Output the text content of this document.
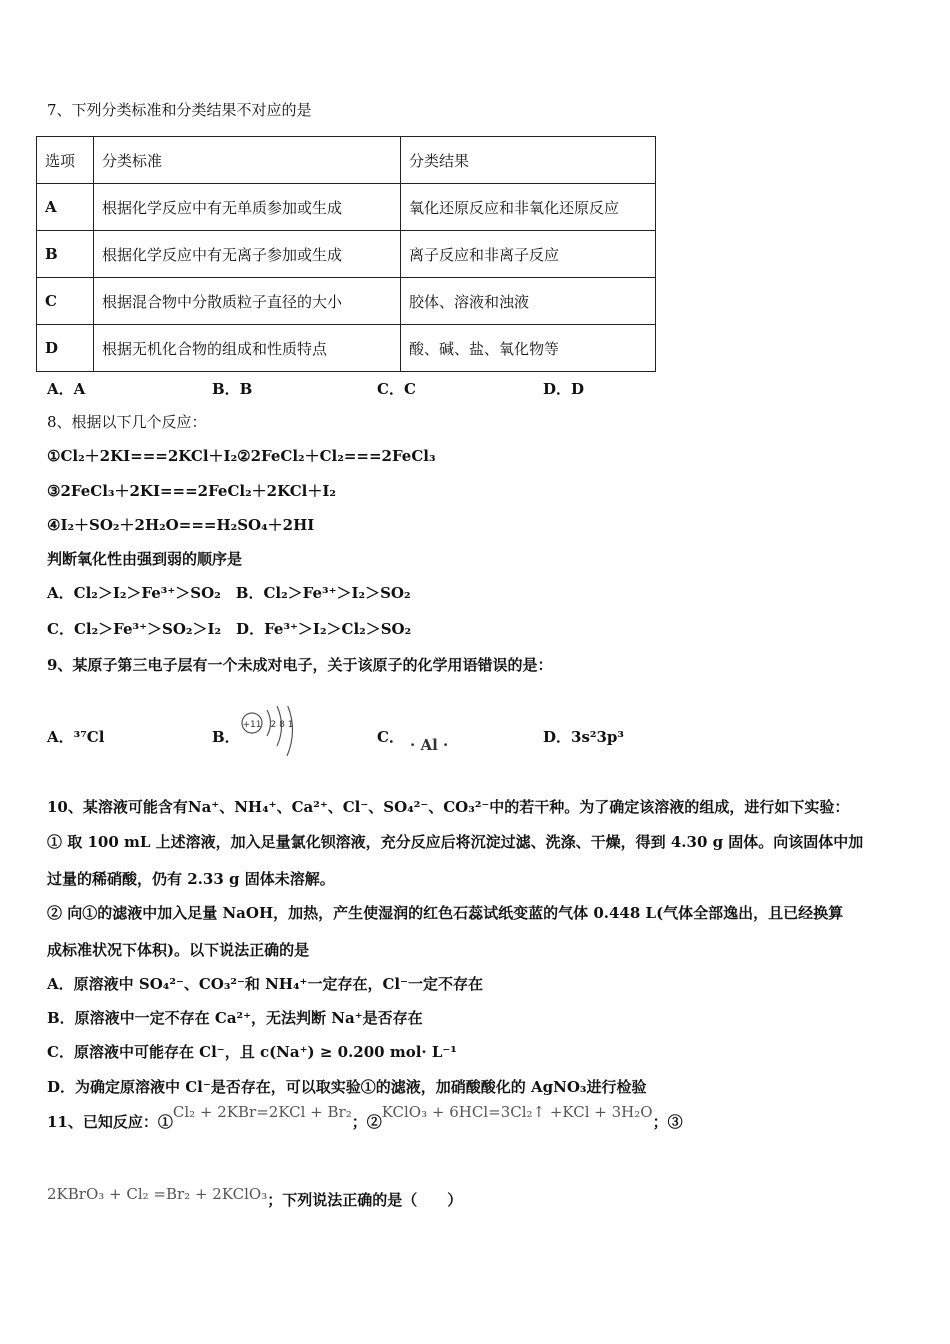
7、下列分类标准和分类结果不对应的是
选项	分类标准	分类结果
A	根据化学反应中有无单质参加或生成	氧化还原反应和非氧化还原反应
B	根据化学反应中有无离子参加或生成	离子反应和非离子反应
C	根据混合物中分散质粒子直径的大小	胶体、溶液和浊液
D	根据无机化合物的组成和性质特点	酸、碱、盐、氧化物等
A．A	B．B	C．C	D．D
8、根据以下几个反应：
①Cl₂＋2KI===2KCl＋I₂②2FeCl₂＋Cl₂===2FeCl₃
③2FeCl₃＋2KI===2FeCl₂＋2KCl＋I₂
④I₂＋SO₂＋2H₂O===H₂SO₄＋2HI
判断氧化性由强到弱的顺序是
A．Cl₂＞I₂＞Fe³⁺＞SO₂　B．Cl₂＞Fe³⁺＞I₂＞SO₂
C．Cl₂＞Fe³⁺＞SO₂＞I₂　D．Fe³⁺＞I₂＞Cl₂＞SO₂
9、某原子第三电子层有一个未成对电子，关于该原子的化学用语错误的是：
A．³⁷Cl	B．
+11 2 8 1
C． · Al ·	D．3s²3p³
10、某溶液可能含有Na⁺、NH₄⁺、Ca²⁺、Cl⁻、SO₄²⁻、CO₃²⁻中的若干种。为了确定该溶液的组成，进行如下实验：
① 取 100 mL 上述溶液，加入足量氯化钡溶液，充分反应后将沉淀过滤、洗涤、干燥，得到 4.30 g 固体。向该固体中加
过量的稀硝酸，仍有 2.33 g 固体未溶解。
② 向①的滤液中加入足量 NaOH，加热，产生使湿润的红色石蕊试纸变蓝的气体 0.448 L(气体全部逸出，且已经换算
成标准状况下体积)。以下说法正确的是
A．原溶液中 SO₄²⁻、CO₃²⁻和 NH₄⁺一定存在，Cl⁻一定不存在
B．原溶液中一定不存在 Ca²⁺，无法判断 Na⁺是否存在
C．原溶液中可能存在 Cl⁻，且 c(Na⁺) ≥ 0.200 mol· L⁻¹
D．为确定原溶液中 Cl⁻是否存在，可以取实验①的滤液，加硝酸酸化的 AgNO₃进行检验
11、已知反应：①Cl₂ + 2KBr=2KCl + Br₂；②KClO₃ + 6HCl=3Cl₂↑ +KCl + 3H₂O；③
2KBrO₃ + Cl₂ =Br₂ + 2KClO₃；下列说法正确的是（　　）
